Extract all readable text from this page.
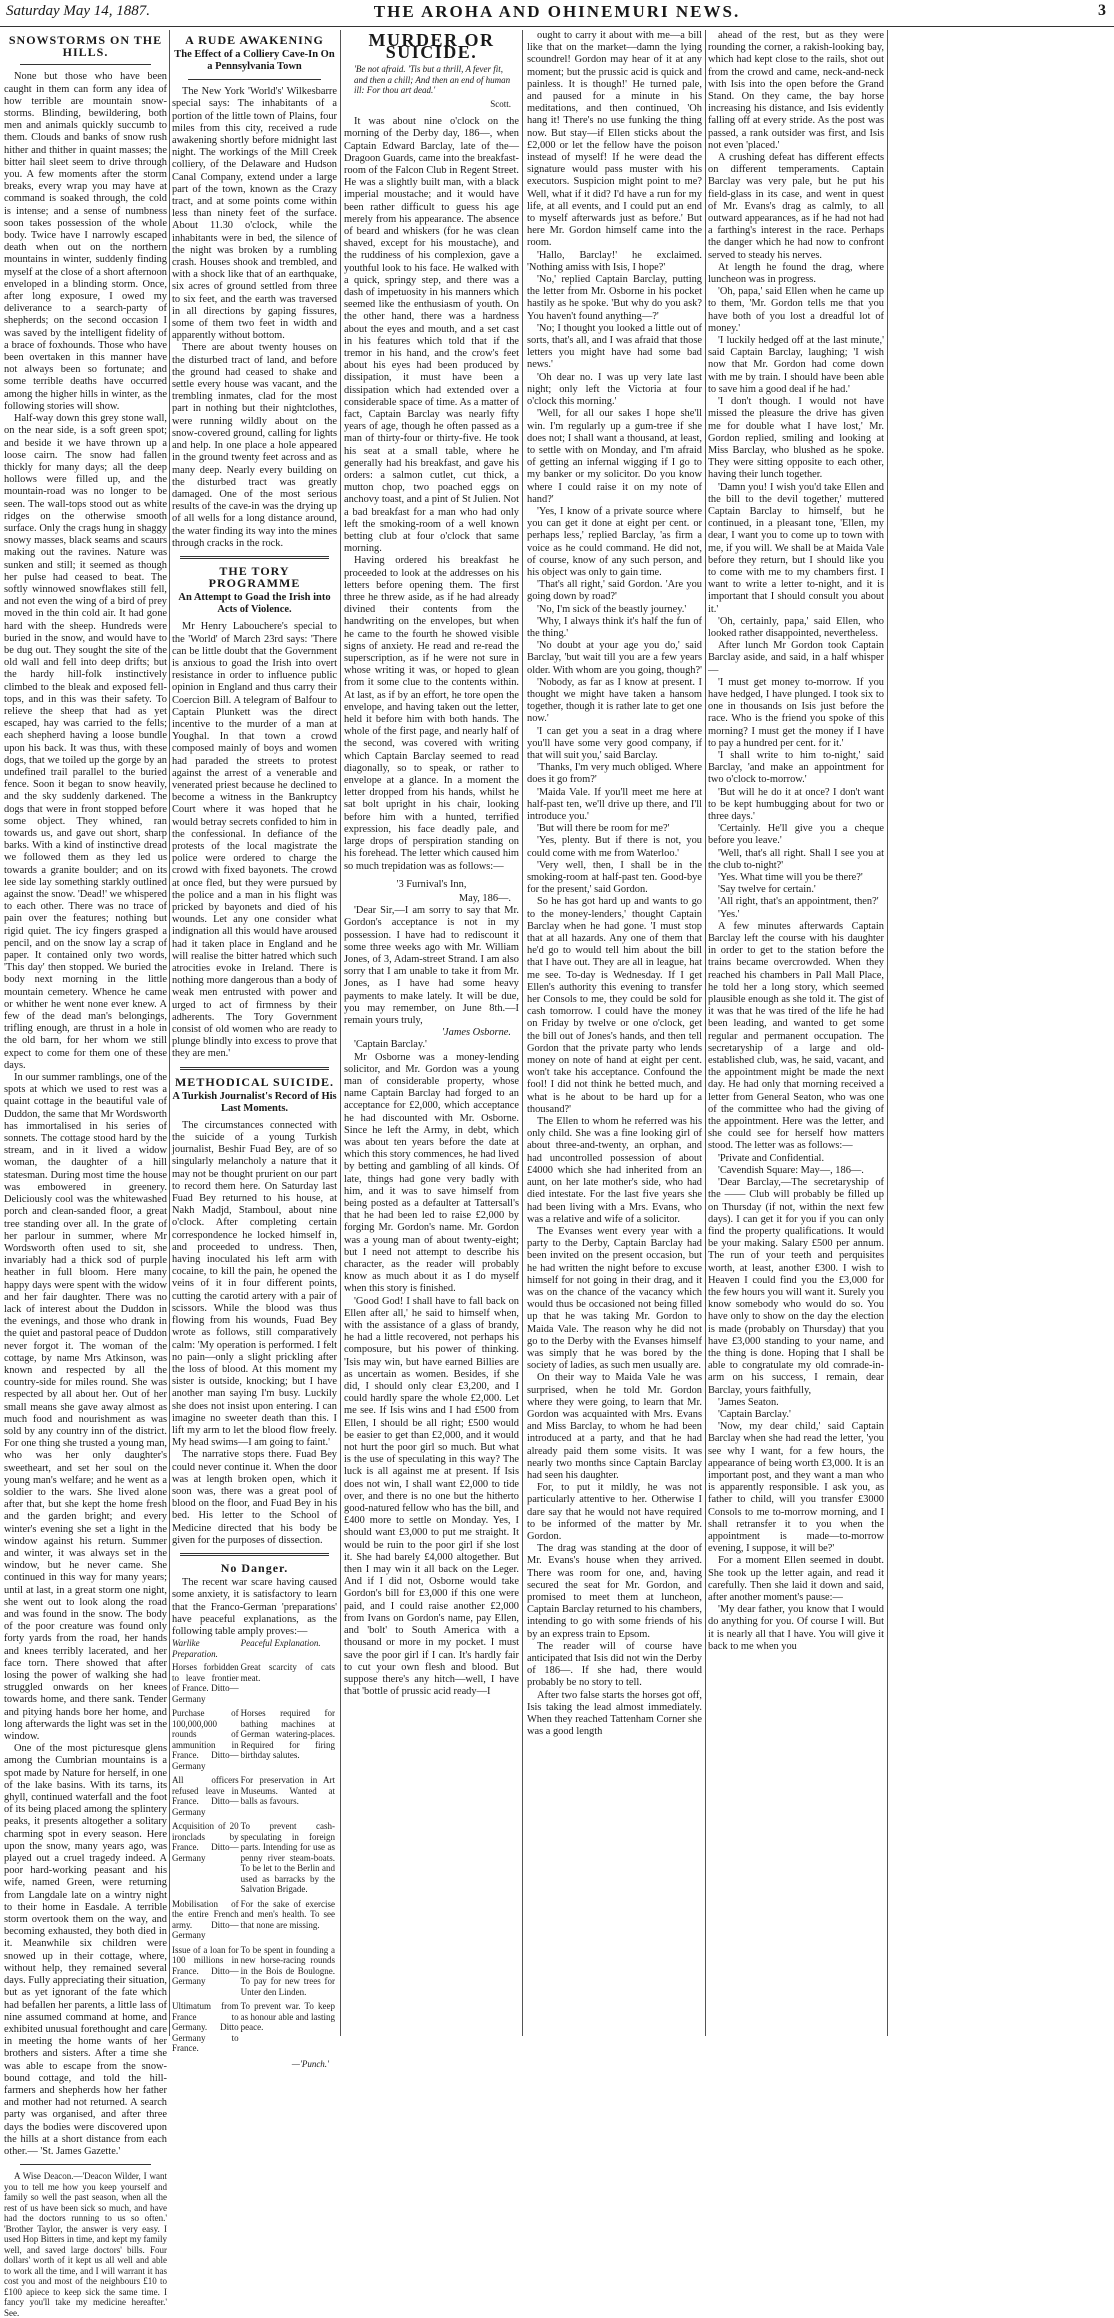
Saturday May 14, 1887.	THE AROHA AND OHINEMURI NEWS.	3
SNOWSTORMS ON THE HILLS.

None but those who have been caught in them can form any idea of how terrible are mountain snow-storms. Blinding, bewildering, both men and animals quickly succumb to them. Clouds and banks of snow rush hither and thither in quaint masses; the bitter hail sleet seem to drive through you. A few moments after the storm breaks, every wrap you may have at command is soaked through, the cold is intense; and a sense of numbness soon takes possession of the whole body. Twice have I narrowly escaped death when out on the northern mountains in winter, suddenly finding myself at the close of a short afternoon enveloped in a blinding storm. Once, after long exposure, I owed my deliverance to a search-party of shepherds; on the second occasion I was saved by the intelligent fidelity of a brace of foxhounds. Those who have been overtaken in this manner have not always been so fortunate; and some terrible deaths have occurred among the higher hills in winter, as the following stories will show.

Half-way down this grey stone wall, on the near side, is a soft green spot; and beside it we have thrown up a loose cairn. The snow had fallen thickly for many days; all the deep hollows were filled up, and the mountain-road was no longer to be seen. The wall-tops stood out as white ridges on the otherwise smooth surface. Only the crags hung in shaggy snowy masses, black seams and scaurs making out the ravines. Nature was sunken and still; it seemed as though her pulse had ceased to beat. The softly winnowed snowflakes still fell, and not even the wing of a bird of prey moved in the thin cold air. It had gone hard with the sheep. Hundreds were buried in the snow, and would have to be dug out. They sought the site of the old wall and fell into deep drifts; but the hardy hill-folk instinctively climbed to the bleak and exposed fell-tops, and in this was their safety. To relieve the sheep that had as yet escaped, hay was carried to the fells; each shepherd having a loose bundle upon his back. It was thus, with these dogs, that we toiled up the gorge by an undefined trail parallel to the buried fence. Soon it began to snow heavily, and the sky suddenly darkened. The dogs that were in front stopped before some object. They whined, ran towards us, and gave out short, sharp barks. With a kind of instinctive dread we followed them as they led us towards a granite boulder; and on its lee side lay something starkly outlined against the snow. 'Dead!' we whispered to each other. There was no trace of pain over the features; nothing but rigid quiet. The icy fingers grasped a pencil, and on the snow lay a scrap of paper. It contained only two words, 'This day' then stopped. We buried the body next morning in the little mountain cemetery. Whence he came or whither he went none ever knew. A few of the dead man's belongings, trifling enough, are thrust in a hole in the old barn, for her whom we still expect to come for them one of these days.

In our summer ramblings, one of the spots at which we used to rest was a quaint cottage in the beautiful vale of Duddon, the same that Mr Wordsworth has immortalised in his series of sonnets. The cottage stood hard by the stream, and in it lived a widow woman, the daughter of a hill statesman. During most time the house was embowered in greenery. Deliciously cool was the whitewashed porch and clean-sanded floor, a great tree standing over all. In the grate of her parlour in summer, where Mr Wordsworth often used to sit, she invariably had a thick sod of purple heather in full bloom. Here many happy days were spent with the widow and her fair daughter. There was no lack of interest about the Duddon in the evenings, and those who drank in the quiet and pastoral peace of Duddon never forgot it. The woman of the cottage, by name Mrs Atkinson, was known and respected by all the country-side for miles round. She was respected by all about her. Out of her small means she gave away almost as much food and nourishment as was sold by any country inn of the district. For one thing she trusted a young man, who was her only daughter's sweetheart, and set her soul on the young man's welfare; and he went as a soldier to the wars. She lived alone after that, but she kept the home fresh and the garden bright; and every winter's evening she set a light in the window against his return. Summer and winter, it was always set in the window, but he never came. She continued in this way for many years; until at last, in a great storm one night, she went out to look along the road and was found in the snow. The body of the poor creature was found only forty yards from the road, her hands and knees terribly lacerated, and her face torn. There showed that after losing the power of walking she had struggled onwards on her knees towards home, and there sank. Tender and pitying hands bore her home, and long afterwards the light was set in the window.

One of the most picturesque glens among the Cumbrian mountains is a spot made by Nature for herself, in one of the lake basins. With its tarns, its ghyll, continued waterfall and the foot of its being placed among the splintery peaks, it presents altogether a solitary charming spot in every season. Here upon the snow, many years ago, was played out a cruel tragedy indeed. A poor hard-working peasant and his wife, named Green, were returning from Langdale late on a wintry night to their home in Easdale. A terrible storm overtook them on the way, and becoming exhausted, they both died in it. Meanwhile six children were snowed up in their cottage, where, without help, they remained several days. Fully appreciating their situation, but as yet ignorant of the fate which had befallen her parents, a little lass of nine assumed command at home, and exhibited unusual forethought and care in meeting the home wants of her brothers and sisters. After a time she was able to escape from the snow-bound cottage, and told the hill-farmers and shepherds how her father and mother had not returned. A search party was organised, and after three days the bodies were discovered upon the hills at a short distance from each other.— 'St. James Gazette.'

A Wise Deacon.—'Deacon Wilder, I want you to tell me how you keep yourself and family so well the past season, when all the rest of us have been sick so much, and have had the doctors running to us so often.' 'Brother Taylor, the answer is very easy. I used Hop Bitters in time, and kept my family well, and saved large doctors' bills. Four dollars' worth of it kept us all well and able to work all the time, and I will warrant it has cost you and most of the neighbours £10 to £100 apiece to keep sick the same time. I fancy you'll take my medicine hereafter.' See.

A RUDE AWAKENING
The Effect of a Colliery Cave-In On a Pennsylvania Town

The New York 'World's' Wilkesbarre special says: The inhabitants of a portion of the little town of Plains, four miles from this city, received a rude awakening shortly before midnight last night. The workings of the Mill Creek colliery, of the Delaware and Hudson Canal Company, extend under a large part of the town, known as the Crazy tract, and at some points come within less than ninety feet of the surface. About 11.30 o'clock, while the inhabitants were in bed, the silence of the night was broken by a rumbling crash. Houses shook and trembled, and with a shock like that of an earthquake, six acres of ground settled from three to six feet, and the earth was traversed in all directions by gaping fissures, some of them two feet in width and apparently without bottom.

There are about twenty houses on the disturbed tract of land, and before the ground had ceased to shake and settle every house was vacant, and the trembling inmates, clad for the most part in nothing but their nightclothes, were running wildly about on the snow-covered ground, calling for lights and help. In one place a hole appeared in the ground twenty feet across and as many deep. Nearly every building on the disturbed tract was greatly damaged. One of the most serious results of the cave-in was the drying up of all wells for a long distance around, the water finding its way into the mines through cracks in the rock.

THE TORY PROGRAMME
An Attempt to Goad the Irish into Acts of Violence.

Mr Henry Labouchere's special to the 'World' of March 23rd says: 'There can be little doubt that the Government is anxious to goad the Irish into overt resistance in order to influence public opinion in England and thus carry their Coercion Bill. A telegram of Balfour to Captain Plunkett was the direct incentive to the murder of a man at Youghal. In that town a crowd composed mainly of boys and women had paraded the streets to protest against the arrest of a venerable and venerated priest because he declined to become a witness in the Bankruptcy Court where it was hoped that he would betray secrets confided to him in the confessional. In defiance of the protests of the local magistrate the police were ordered to charge the crowd with fixed bayonets. The crowd at once fled, but they were pursued by the police and a man in his flight was pricked by bayonets and died of his wounds. Let any one consider what indignation all this would have aroused had it taken place in England and he will realise the bitter hatred which such atrocities evoke in Ireland. There is nothing more dangerous than a body of weak men entrusted with power and urged to act of firmness by their adherents. The Tory Government consist of old women who are ready to plunge blindly into excess to prove that they are men.'

METHODICAL SUICIDE.
A Turkish Journalist's Record of His Last Moments.

The circumstances connected with the suicide of a young Turkish journalist, Beshir Fuad Bey, are of so singularly melancholy a nature that it may not be thought prurient on our part to record them here. On Saturday last Fuad Bey returned to his house, at Nakh Madjd, Stamboul, about nine o'clock. After completing certain correspondence he locked himself in, and proceeded to undress. Then, having inoculated his left arm with cocaine, to kill the pain, he opened the veins of it in four different points, cutting the carotid artery with a pair of scissors. While the blood was thus flowing from his wounds, Fuad Bey wrote as follows, still comparatively calm: 'My operation is performed. I felt no pain—only a slight prickling after the loss of blood. At this moment my sister is outside, knocking; but I have another man saying I'm busy. Luckily she does not insist upon entering. I can imagine no sweeter death than this. I lift my arm to let the blood flow freely. My head swims—I am going to faint.'

The narrative stops there. Fuad Bey could never continue it. When the door was at length broken open, which it soon was, there was a great pool of blood on the floor, and Fuad Bey in his bed. His letter to the School of Medicine directed that his body be given for the purposes of dissection.

No Danger.

The recent war scare having caused some anxiety, it is satisfactory to learn that the Franco-German 'preparations' have peaceful explanations, as the following table amply proves:—

Warlike Preparation.	Peaceful Explanation.
Horses forbidden to leave frontier of France. Ditto—Germany	Great scarcity of cats meat.
Purchase of 100,000,000 rounds of ammunition in France. Ditto—Germany	Horses required for bathing machines at German watering-places. Required for firing birthday salutes.
All officers refused leave in France. Ditto—Germany	For preservation in Art Museums. Wanted at balls as favours.
Acquisition of 20 ironclads by France. Ditto—Germany	To prevent cash-speculating in foreign parts. Intending for use as penny river steam-boats. To be let to the Berlin and used as barracks by the Salvation Brigade.
Mobilisation of the entire French army. Ditto—Germany	For the sake of exercise and men's health. To see that none are missing.
Issue of a loan for 100 millions in France. Ditto—Germany	To be spent in founding a new horse-racing rounds in the Bois de Boulogne. To pay for new trees for Unter den Linden.
Ultimatum from France to Germany. Ditto Germany to France.	To prevent war. To keep as honour able and lasting peace.
—'Punch.'
MURDER OR SUICIDE.
'Be not afraid. 'Tis but a thrill, A fever fit, and then a chill; And then an end of human ill: For thou art dead.'
Scott.

It was about nine o'clock on the morning of the Derby day, 186—, when Captain Edward Barclay, late of the—Dragoon Guards, came into the breakfast-room of the Falcon Club in Regent Street. He was a slightly built man, with a black imperial moustache; and it would have been rather difficult to guess his age merely from his appearance. The absence of beard and whiskers (for he was clean shaved, except for his moustache), and the ruddiness of his complexion, gave a youthful look to his face. He walked with a quick, springy step, and there was a dash of impetuosity in his manners which seemed like the enthusiasm of youth. On the other hand, there was a hardness about the eyes and mouth, and a set cast in his features which told that if the tremor in his hand, and the crow's feet about his eyes had been produced by dissipation, it must have been a dissipation which had extended over a considerable space of time. As a matter of fact, Captain Barclay was nearly fifty years of age, though he often passed as a man of thirty-four or thirty-five. He took his seat at a small table, where he generally had his breakfast, and gave his orders: a salmon cutlet, cut thick, a mutton chop, two poached eggs on anchovy toast, and a pint of St Julien. Not a bad breakfast for a man who had only left the smoking-room of a well known betting club at four o'clock that same morning.

Having ordered his breakfast he proceeded to look at the addresses on his letters before opening them. The first three he threw aside, as if he had already divined their contents from the handwriting on the envelopes, but when he came to the fourth he showed visible signs of anxiety. He read and re-read the superscription, as if he were not sure in whose writing it was, or hoped to glean from it some clue to the contents within. At last, as if by an effort, he tore open the envelope, and having taken out the letter, held it before him with both hands. The whole of the first page, and nearly half of the second, was covered with writing which Captain Barclay seemed to read diagonally, so to speak, or rather to envelope at a glance. In a moment the letter dropped from his hands, whilst he sat bolt upright in his chair, looking before him with a hunted, terrified expression, his face deadly pale, and large drops of perspiration standing on his forehead. The letter which caused him so much trepidation was as follows:—

'3 Furnival's Inn,
May, 186—.

'Dear Sir,—I am sorry to say that Mr. Gordon's acceptance is not in my possession. I have had to rediscount it some three weeks ago with Mr. William Jones, of 3, Adam-street Strand. I am also sorry that I am unable to take it from Mr. Jones, as I have had some heavy payments to make lately. It will be due, you may remember, on June 8th.—I remain yours truly,

'James Osborne.

'Captain Barclay.'

Mr Osborne was a money-lending solicitor, and Mr. Gordon was a young man of considerable property, whose name Captain Barclay had forged to an acceptance for £2,000, which acceptance he had discounted with Mr. Osborne. Since he left the Army, in debt, which was about ten years before the date at which this story commences, he had lived by betting and gambling of all kinds. Of late, things had gone very badly with him, and it was to save himself from being posted as a defaulter at Tattersall's that he had been led to raise £2,000 by forging Mr. Gordon's name. Mr. Gordon was a young man of about twenty-eight; but I need not attempt to describe his character, as the reader will probably know as much about it as I do myself when this story is finished.

'Good God! I shall have to fall back on Ellen after all,' he said to himself when, with the assistance of a glass of brandy, he had a little recovered, not perhaps his composure, but his power of thinking. 'Isis may win, but have earned Billies are as uncertain as women. Besides, if she did, I should only clear £3,200, and I could hardly spare the whole £2,000. Let me see. If Isis wins and I had £500 from Ellen, I should be all right; £500 would be easier to get than £2,000, and it would not hurt the poor girl so much. But what is the use of speculating in this way? The luck is all against me at present. If Isis does not win, I shall want £2,000 to tide over, and there is no one but the hitherto good-natured fellow who has the bill, and £400 more to settle on Monday. Yes, I should want £3,000 to put me straight. It would be ruin to the poor girl if she lost it. She had barely £4,000 altogether. But then I may win it all back on the Leger. And if I did not, Osborne would take Gordon's bill for £3,000 if this one were paid, and I could raise another £2,000 from Ivans on Gordon's name, pay Ellen, and 'bolt' to South America with a thousand or more in my pocket. I must save the poor girl if I can. It's hardly fair to cut your own flesh and blood. But suppose there's any hitch—well, I have that 'bottle of prussic acid ready—I

ought to carry it about with me—a bill like that on the market—damn the lying scoundrel! Gordon may hear of it at any moment; but the prussic acid is quick and painless. It is though!' He turned pale, and paused for a minute in his meditations, and then continued, 'Oh hang it! There's no use funking the thing now. But stay—if Ellen sticks about the £2,000 or let the fellow have the poison instead of myself! If he were dead the signature would pass muster with his executors. Suspicion might point to me? Well, what if it did? I'd have a run for my life, at all events, and I could put an end to myself afterwards just as before.' But here Mr. Gordon himself came into the room.

'Hallo, Barclay!' he exclaimed. 'Nothing amiss with Isis, I hope?'

'No,' replied Captain Barclay, putting the letter from Mr. Osborne in his pocket hastily as he spoke. 'But why do you ask? You haven't found anything—?'

'No; I thought you looked a little out of sorts, that's all, and I was afraid that those letters you might have had some bad news.'

'Oh dear no. I was up very late last night; only left the Victoria at four o'clock this morning.'

'Well, for all our sakes I hope she'll win. I'm regularly up a gum-tree if she does not; I shall want a thousand, at least, to settle with on Monday, and I'm afraid of getting an infernal wigging if I go to my banker or my solicitor. Do you know where I could raise it on my note of hand?'

'Yes, I know of a private source where you can get it done at eight per cent. or perhaps less,' replied Barclay, 'as firm a voice as he could command. He did not, of course, know of any such person, and his object was only to gain time.

'That's all right,' said Gordon. 'Are you going down by road?'

'No, I'm sick of the beastly journey.'

'Why, I always think it's half the fun of the thing.'

'No doubt at your age you do,' said Barclay, 'but wait till you are a few years older. With whom are you going, though?'

'Nobody, as far as I know at present. I thought we might have taken a hansom together, though it is rather late to get one now.'

'I can get you a seat in a drag where you'll have some very good company, if that will suit you,' said Barclay.

'Thanks, I'm very much obliged. Where does it go from?'

'Maida Vale. If you'll meet me here at half-past ten, we'll drive up there, and I'll introduce you.'

'But will there be room for me?'

'Yes, plenty. But if there is not, you could come with me from Waterloo.'

'Very well, then, I shall be in the smoking-room at half-past ten. Good-bye for the present,' said Gordon.

So he has got hard up and wants to go to the money-lenders,' thought Captain Barclay when he had gone. 'I must stop that at all hazards. Any one of them that he'd go to would tell him about the bill that I have out. They are all in league, hat me see. To-day is Wednesday. If I get Ellen's authority this evening to transfer her Consols to me, they could be sold for cash tomorrow. I could have the money on Friday by twelve or one o'clock, get the bill out of Jones's hands, and then tell Gordon that the private party who lends money on note of hand at eight per cent. won't take his acceptance. Confound the fool! I did not think he betted much, and what is he about to be hard up for a thousand?'

The Ellen to whom he referred was his only child. She was a fine looking girl of about three-and-twenty, an orphan, and had uncontrolled possession of about £4000 which she had inherited from an aunt, on her late mother's side, who had died intestate. For the last five years she had been living with a Mrs. Evans, who was a relative and wife of a solicitor.

The Evanses went every year with a party to the Derby, Captain Barclay had been invited on the present occasion, but he had written the night before to excuse himself for not going in their drag, and it was on the chance of the vacancy which would thus be occasioned not being filled up that he was taking Mr. Gordon to Maida Vale. The reason why he did not go to the Derby with the Evanses himself was simply that he was bored by the society of ladies, as such men usually are.

On their way to Maida Vale he was surprised, when he told Mr. Gordon where they were going, to learn that Mr. Gordon was acquainted with Mrs. Evans and Miss Barclay, to whom he had been introduced at a party, and that he had already paid them some visits. It was nearly two months since Captain Barclay had seen his daughter.

For, to put it mildly, he was not particularly attentive to her. Otherwise I dare say that he would not have required to be informed of the matter by Mr. Gordon.

The drag was standing at the door of Mr. Evans's house when they arrived. There was room for one, and, having secured the seat for Mr. Gordon, and promised to meet them at luncheon, Captain Barclay returned to his chambers, intending to go with some friends of his by an express train to Epsom.

The reader will of course have anticipated that Isis did not win the Derby of 186—. If she had, there would probably be no story to tell.

After two false starts the horses got off, Isis taking the lead almost immediately. When they reached Tattenham Corner she was a good length

ahead of the rest, but as they were rounding the corner, a rakish-looking bay, which had kept close to the rails, shot out from the crowd and came, neck-and-neck with Isis into the open before the Grand Stand. On they came, the bay horse increasing his distance, and Isis evidently falling off at every stride. As the post was passed, a rank outsider was first, and Isis not even 'placed.'

A crushing defeat has different effects on different temperaments. Captain Barclay was very pale, but he put his field-glass in its case, and went in quest of Mr. Evans's drag as calmly, to all outward appearances, as if he had not had a farthing's interest in the race. Perhaps the danger which he had now to confront served to steady his nerves.

At length he found the drag, where luncheon was in progress.

'Oh, papa,' said Ellen when he came up to them, 'Mr. Gordon tells me that you have both of you lost a dreadful lot of money.'

'I luckily hedged off at the last minute,' said Captain Barclay, laughing; 'I wish now that Mr. Gordon had come down with me by train. I should have been able to save him a good deal if he had.'

'I don't though. I would not have missed the pleasure the drive has given me for double what I have lost,' Mr. Gordon replied, smiling and looking at Miss Barclay, who blushed as he spoke. They were sitting opposite to each other, having their lunch together.

'Damn you! I wish you'd take Ellen and the bill to the devil together,' muttered Captain Barclay to himself, but he continued, in a pleasant tone, 'Ellen, my dear, I want you to come up to town with me, if you will. We shall be at Maida Vale before they return, but I should like you to come with me to my chambers first. I want to write a letter to-night, and it is important that I should consult you about it.'

'Oh, certainly, papa,' said Ellen, who looked rather disappointed, nevertheless.

After lunch Mr Gordon took Captain Barclay aside, and said, in a half whisper—

'I must get money to-morrow. If you have hedged, I have plunged. I took six to one in thousands on Isis just before the race. Who is the friend you spoke of this morning? I must get the money if I have to pay a hundred per cent. for it.'

'I shall write to him to-night,' said Barclay, 'and make an appointment for two o'clock to-morrow.'

'But will he do it at once? I don't want to be kept humbugging about for two or three days.'

'Certainly. He'll give you a cheque before you leave.'

'Well, that's all right. Shall I see you at the club to-night?'

'Yes. What time will you be there?'

'Say twelve for certain.'

'All right, that's an appointment, then?'

'Yes.'

A few minutes afterwards Captain Barclay left the course with his daughter in order to get to the station before the trains became overcrowded. When they reached his chambers in Pall Mall Place, he told her a long story, which seemed plausible enough as she told it. The gist of it was that he was tired of the life he had been leading, and wanted to get some regular and permanent occupation. The secretaryship of a large and old-established club, was, he said, vacant, and the appointment might be made the next day. He had only that morning received a letter from General Seaton, who was one of the committee who had the giving of the appointment. Here was the letter, and she could see for herself how matters stood. The letter was as follows:—

'Private and Confidential.

'Cavendish Square: May—, 186—.

'Dear Barclay,—The secretaryship of the —— Club will probably be filled up on Thursday (if not, within the next few days). I can get it for you if you can only find the property qualifications. It would be your making. Salary £500 per annum. The run of your teeth and perquisites worth, at least, another £300. I wish to Heaven I could find you the £3,000 for the few hours you will want it. Surely you know somebody who would do so. You have only to show on the day the election is made (probably on Thursday) that you have £3,000 standing to your name, and the thing is done. Hoping that I shall be able to congratulate my old comrade-in-arm on his success, I remain, dear Barclay, yours faithfully,

'James Seaton.

'Captain Barclay.'

'Now, my dear child,' said Captain Barclay when she had read the letter, 'you see why I want, for a few hours, the appearance of being worth £3,000. It is an important post, and they want a man who is apparently responsible. I ask you, as father to child, will you transfer £3000 Consols to me to-morrow morning, and I shall retransfer it to you when the appointment is made—to-morrow evening, I suppose, it will be?'

For a moment Ellen seemed in doubt. She took up the letter again, and read it carefully. Then she laid it down and said, after another moment's pause:—

'My dear father, you know that I would do anything for you. Of course I will. But it is nearly all that I have. You will give it back to me when you
